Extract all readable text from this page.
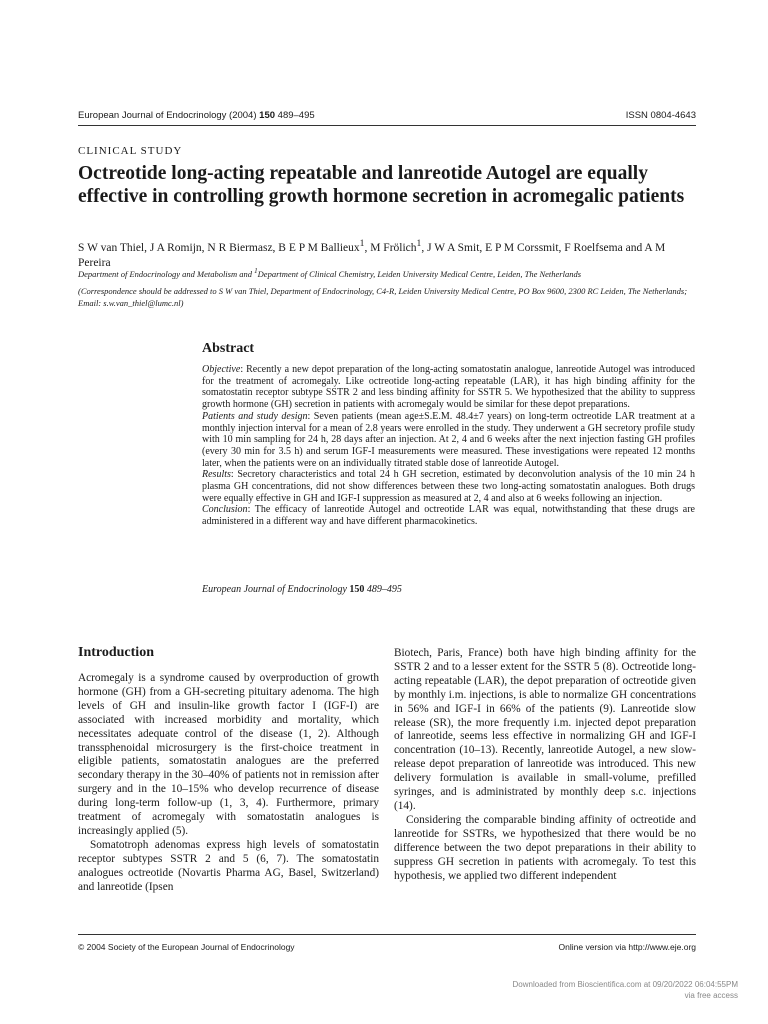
European Journal of Endocrinology (2004) 150 489–495	ISSN 0804-4643
CLINICAL STUDY
Octreotide long-acting repeatable and lanreotide Autogel are equally effective in controlling growth hormone secretion in acromegalic patients
S W van Thiel, J A Romijn, N R Biermasz, B E P M Ballieux$^1$, M Frölich$^1$, J W A Smit, E P M Corssmit, F Roelfsema and A M Pereira
Department of Endocrinology and Metabolism and $^1$Department of Clinical Chemistry, Leiden University Medical Centre, Leiden, The Netherlands
(Correspondence should be addressed to S W van Thiel, Department of Endocrinology, C4-R, Leiden University Medical Centre, PO Box 9600, 2300 RC Leiden, The Netherlands; Email: s.w.van_thiel@lumc.nl)
Abstract

Objective: Recently a new depot preparation of the long-acting somatostatin analogue, lanreotide Autogel was introduced for the treatment of acromegaly. Like octreotide long-acting repeatable (LAR), it has high binding affinity for the somatostatin receptor subtype SSTR 2 and less binding affinity for SSTR 5. We hypothesized that the ability to suppress growth hormone (GH) secretion in patients with acromegaly would be similar for these depot preparations.

Patients and study design: Seven patients (mean age±S.E.M. 48.4±7 years) on long-term octreotide LAR treatment at a monthly injection interval for a mean of 2.8 years were enrolled in the study. They underwent a GH secretory profile study with 10 min sampling for 24 h, 28 days after an injection. At 2, 4 and 6 weeks after the next injection fasting GH profiles (every 30 min for 3.5 h) and serum IGF-I measurements were measured. These investigations were repeated 12 months later, when the patients were on an individually titrated stable dose of lanreotide Autogel.

Results: Secretory characteristics and total 24 h GH secretion, estimated by deconvolution analysis of the 10 min 24 h plasma GH concentrations, did not show differences between these two long-acting somatostatin analogues. Both drugs were equally effective in GH and IGF-I suppression as measured at 2, 4 and also at 6 weeks following an injection.

Conclusion: The efficacy of lanreotide Autogel and octreotide LAR was equal, notwithstanding that these drugs are administered in a different way and have different pharmacokinetics.

European Journal of Endocrinology 150 489–495
Introduction

Acromegaly is a syndrome caused by overproduction of growth hormone (GH) from a GH-secreting pituitary adenoma. The high levels of GH and insulin-like growth factor I (IGF-I) are associated with increased morbidity and mortality, which necessitates adequate control of the disease (1, 2). Although transsphenoidal microsurgery is the first-choice treatment in eligible patients, somatostatin analogues are the preferred secondary therapy in the 30–40% of patients not in remission after surgery and in the 10–15% who develop recurrence of disease during long-term follow-up (1, 3, 4). Furthermore, primary treatment of acromegaly with somatostatin analogues is increasingly applied (5).

Somatotroph adenomas express high levels of somatostatin receptor subtypes SSTR 2 and 5 (6, 7). The somatostatin analogues octreotide (Novartis Pharma AG, Basel, Switzerland) and lanreotide (Ipsen

Biotech, Paris, France) both have high binding affinity for the SSTR 2 and to a lesser extent for the SSTR 5 (8). Octreotide long-acting repeatable (LAR), the depot preparation of octreotide given by monthly i.m. injections, is able to normalize GH concentrations in 56% and IGF-I in 66% of the patients (9). Lanreotide slow release (SR), the more frequently i.m. injected depot preparation of lanreotide, seems less effective in normalizing GH and IGF-I concentration (10–13). Recently, lanreotide Autogel, a new slow-release depot preparation of lanreotide was introduced. This new delivery formulation is available in small-volume, prefilled syringes, and is administrated by monthly deep s.c. injections (14).

Considering the comparable binding affinity of octreotide and lanreotide for SSTRs, we hypothesized that there would be no difference between the two depot preparations in their ability to suppress GH secretion in patients with acromegaly. To test this hypothesis, we applied two different independent

© 2004 Society of the European Journal of Endocrinology	Online version via http://www.eje.org
Downloaded from Bioscientifica.com at 09/20/2022 06:04:55PM
via free access
